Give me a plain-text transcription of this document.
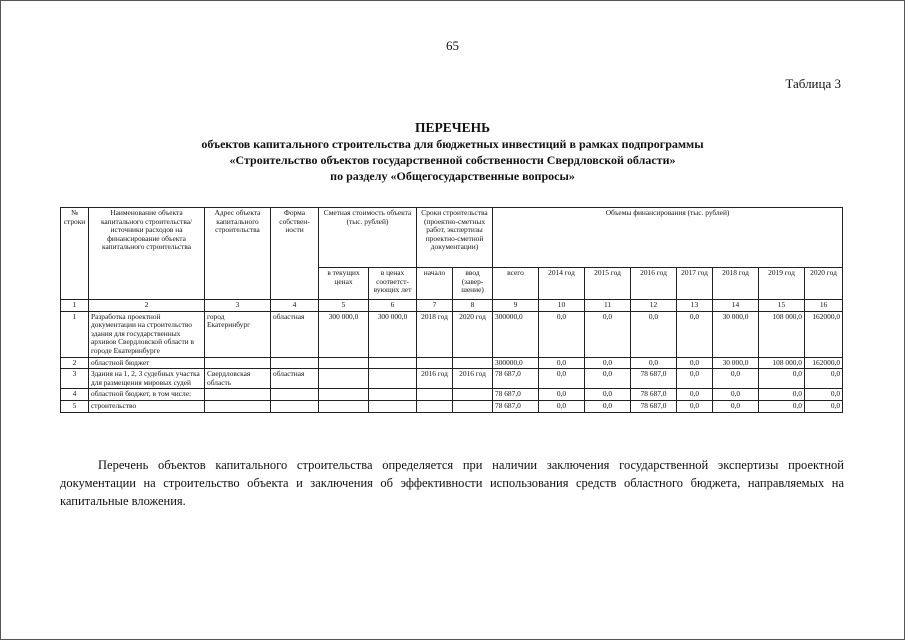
65
Таблица 3
ПЕРЕЧЕНЬ
объектов капитального строительства для бюджетных инвестиций в рамках подпрограммы
«Строительство объектов государственной собственности Свердловской области»
по разделу «Общегосударственные вопросы»
№ строки	Наименование объекта капитального строительства/ источники расходов на финансирование объекта капитального строительства	Адрес объекта капитального строительства	Форма собствен-ности	Сметная стоимость объекта (тыс. рублей)		Сроки строительства (проектно-сметных работ, экспертизы проектно-сметной документации)		Объемы финансирования (тыс. рублей)							
				в текущих ценах	в ценах соответст-вующих лет	начало	ввод (завер-шение)	всего	2014 год	2015 год	2016 год	2017 год	2018 год	2019 год	2020 год
1	2	3	4	5	6	7	8	9	10	11	12	13	14	15	16
1	Разработка проектной документации на строительство здания для государственных архивов Свердловской области в городе Екатеринбурге	город Екатеринбург	областная	300 000,0	300 000,0	2018 год	2020 год	300000,0	0,0	0,0	0,0	0,0	30 000,0	108 000,0	162000,0
2	областной бюджет							300000,0	0,0	0,0	0,0	0,0	30 000,0	108 000,0	162000,0
3	Здания на 1, 2, 3 судебных участка для размещения мировых судей	Свердловская область	областная			2016 год	2016 год	78 687,0	0,0	0,0	78 687,0	0,0	0,0	0,0	0,0
4	областной бюджет, в том числе:							78 687,0	0,0	0,0	78 687,0	0,0	0,0	0,0	0,0
5	строительство							78 687,0	0,0	0,0	78 687,0	0,0	0,0	0,0	0,0
Перечень объектов капитального строительства определяется при наличии заключения государственной экспертизы проектной документации на строительство объекта и заключения об эффективности использования средств областного бюджета, направляемых на капитальные вложения.
